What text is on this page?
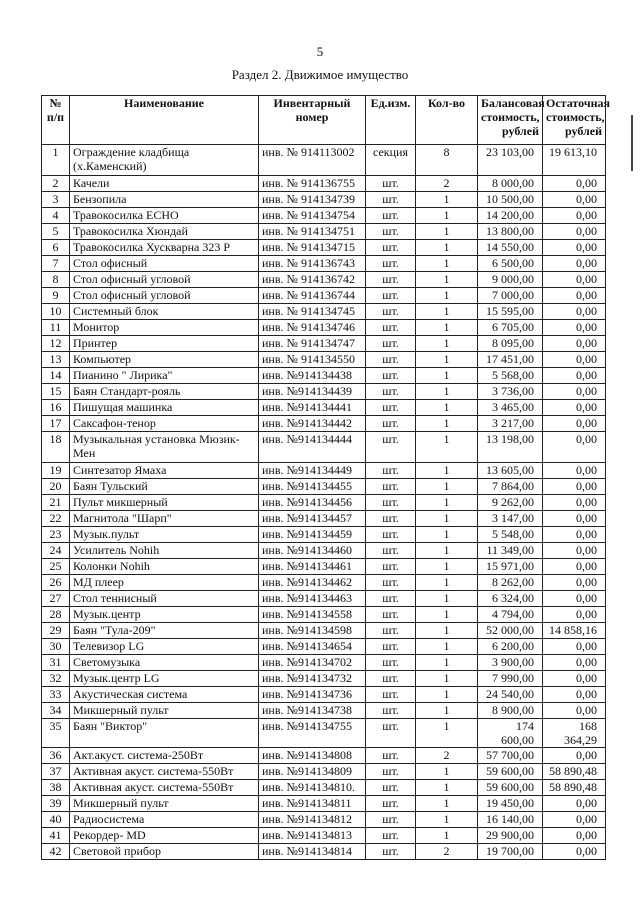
5
Раздел 2. Движимое имущество
№ п/п	Наименование	Инвентарный номер	Ед.изм.	Кол-во	Балансовая стоимость, рублей	Остаточная стоимость, рублей
1	Ограждение кладбища (х.Каменский)	инв. № 914113002	секция	8	23 103,00	19 613,10
2	Качели	инв. № 914136755	шт.	2	8 000,00	0,00
3	Бензопила	инв. № 914134739	шт.	1	10 500,00	0,00
4	Травокосилка ЕСНО	инв. № 914134754	шт.	1	14 200,00	0,00
5	Травокосилка Хюндай	инв. № 914134751	шт.	1	13 800,00	0,00
6	Травокосилка Хускварна 323 Р	инв. № 914134715	шт.	1	14 550,00	0,00
7	Стол офисный	инв. № 914136743	шт.	1	6 500,00	0,00
8	Стол офисный угловой	инв. № 914136742	шт.	1	9 000,00	0,00
9	Стол офисный угловой	инв. № 914136744	шт.	1	7 000,00	0,00
10	Системный блок	инв. № 914134745	шт.	1	15 595,00	0,00
11	Монитор	инв. № 914134746	шт.	1	6 705,00	0,00
12	Принтер	инв. № 914134747	шт.	1	8 095,00	0,00
13	Компьютер	инв. № 914134550	шт.	1	17 451,00	0,00
14	Пианино " Лирика"	инв. №914134438	шт.	1	5 568,00	0,00
15	Баян Стандарт-рояль	инв. №914134439	шт.	1	3 736,00	0,00
16	Пишущая машинка	инв. №914134441	шт.	1	3 465,00	0,00
17	Саксафон-тенор	инв. №914134442	шт.	1	3 217,00	0,00
18	Музыкальная установка Мюзик-Мен	инв. №914134444	шт.	1	13 198,00	0,00
19	Синтезатор Ямаха	инв. №914134449	шт.	1	13 605,00	0,00
20	Баян Тульский	инв. №914134455	шт.	1	7 864,00	0,00
21	Пульт микшерный	инв. №914134456	шт.	1	9 262,00	0,00
22	Магнитола "Шарп"	инв. №914134457	шт.	1	3 147,00	0,00
23	Музык.пульт	инв. №914134459	шт.	1	5 548,00	0,00
24	Усилитель Nohih	инв. №914134460	шт.	1	11 349,00	0,00
25	Колонки Nohih	инв. №914134461	шт.	1	15 971,00	0,00
26	МД плеер	инв. №914134462	шт.	1	8 262,00	0,00
27	Стол теннисный	инв. №914134463	шт.	1	6 324,00	0,00
28	Музык.центр	инв. №914134558	шт.	1	4 794,00	0,00
29	Баян "Тула-209"	инв. №914134598	шт.	1	52 000,00	14 858,16
30	Телевизор LG	инв. №914134654	шт.	1	6 200,00	0,00
31	Светомузыка	инв. №914134702	шт.	1	3 900,00	0,00
32	Музык.центр LG	инв. №914134732	шт.	1	7 990,00	0,00
33	Акустическая система	инв. №914134736	шт.	1	24 540,00	0,00
34	Микшерный пульт	инв. №914134738	шт.	1	8 900,00	0,00
35	Баян "Виктор"	инв. №914134755	шт.	1	174 600,00	168 364,29
36	Акт.акуст. система-250Вт	инв. №914134808	шт.	2	57 700,00	0,00
37	Активная акуст. система-550Вт	инв. №914134809	шт.	1	59 600,00	58 890,48
38	Активная акуст. система-550Вт	инв. №914134810.	шт.	1	59 600,00	58 890,48
39	Микшерный пульт	инв. №914134811	шт.	1	19 450,00	0,00
40	Радиосистема	инв. №914134812	шт.	1	16 140,00	0,00
41	Рекордер- MD	инв. №914134813	шт.	1	29 900,00	0,00
42	Световой прибор	инв. №914134814	шт.	2	19 700,00	0,00
